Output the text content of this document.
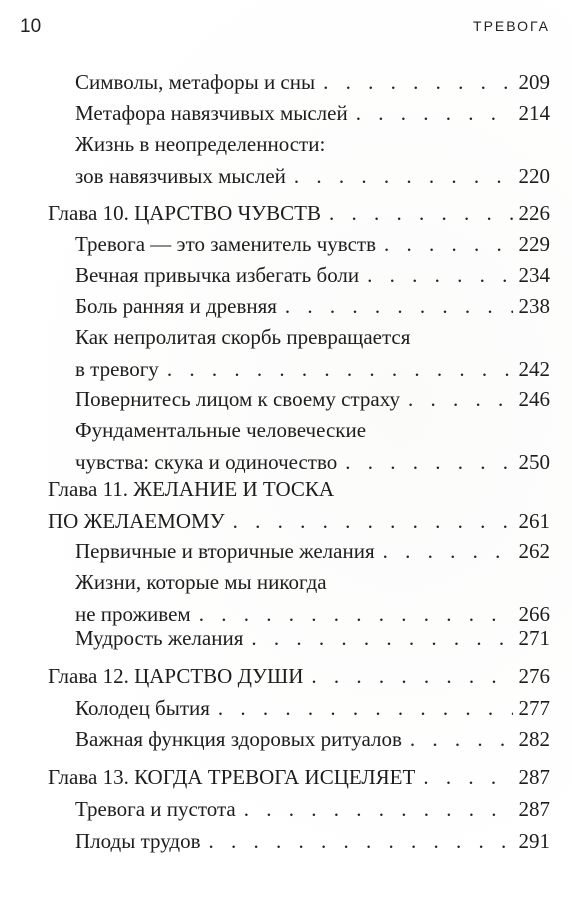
10	ТРЕВОГА
Символы, метафоры и сны . . .	209
Метафора навязчивых мыслей . . .	214
Жизнь в неопределенности:
зов навязчивых мыслей . . .	220
Глава 10. ЦАРСТВО ЧУВСТВ . . .	226
Тревога — это заменитель чувств . . .	229
Вечная привычка избегать боли . . .	234
Боль ранняя и древняя . . .	238
Как непролитая скорбь превращается
в тревогу . . .	242
Повернитесь лицом к своему страху . . .	246
Фундаментальные человеческие
чувства: скука и одиночество . . .	250
Глава 11. ЖЕЛАНИЕ И ТОСКА
ПО ЖЕЛАЕМОМУ . . .	261
Первичные и вторичные желания . . .	262
Жизни, которые мы никогда
не проживем . . .	266
Мудрость желания . . .	271
Глава 12. ЦАРСТВО ДУШИ . . .	276
Колодец бытия . . .	277
Важная функция здоровых ритуалов . . .	282
Глава 13. КОГДА ТРЕВОГА ИСЦЕЛЯЕТ . . .	287
Тревога и пустота . . .	287
Плоды трудов . . .	291
